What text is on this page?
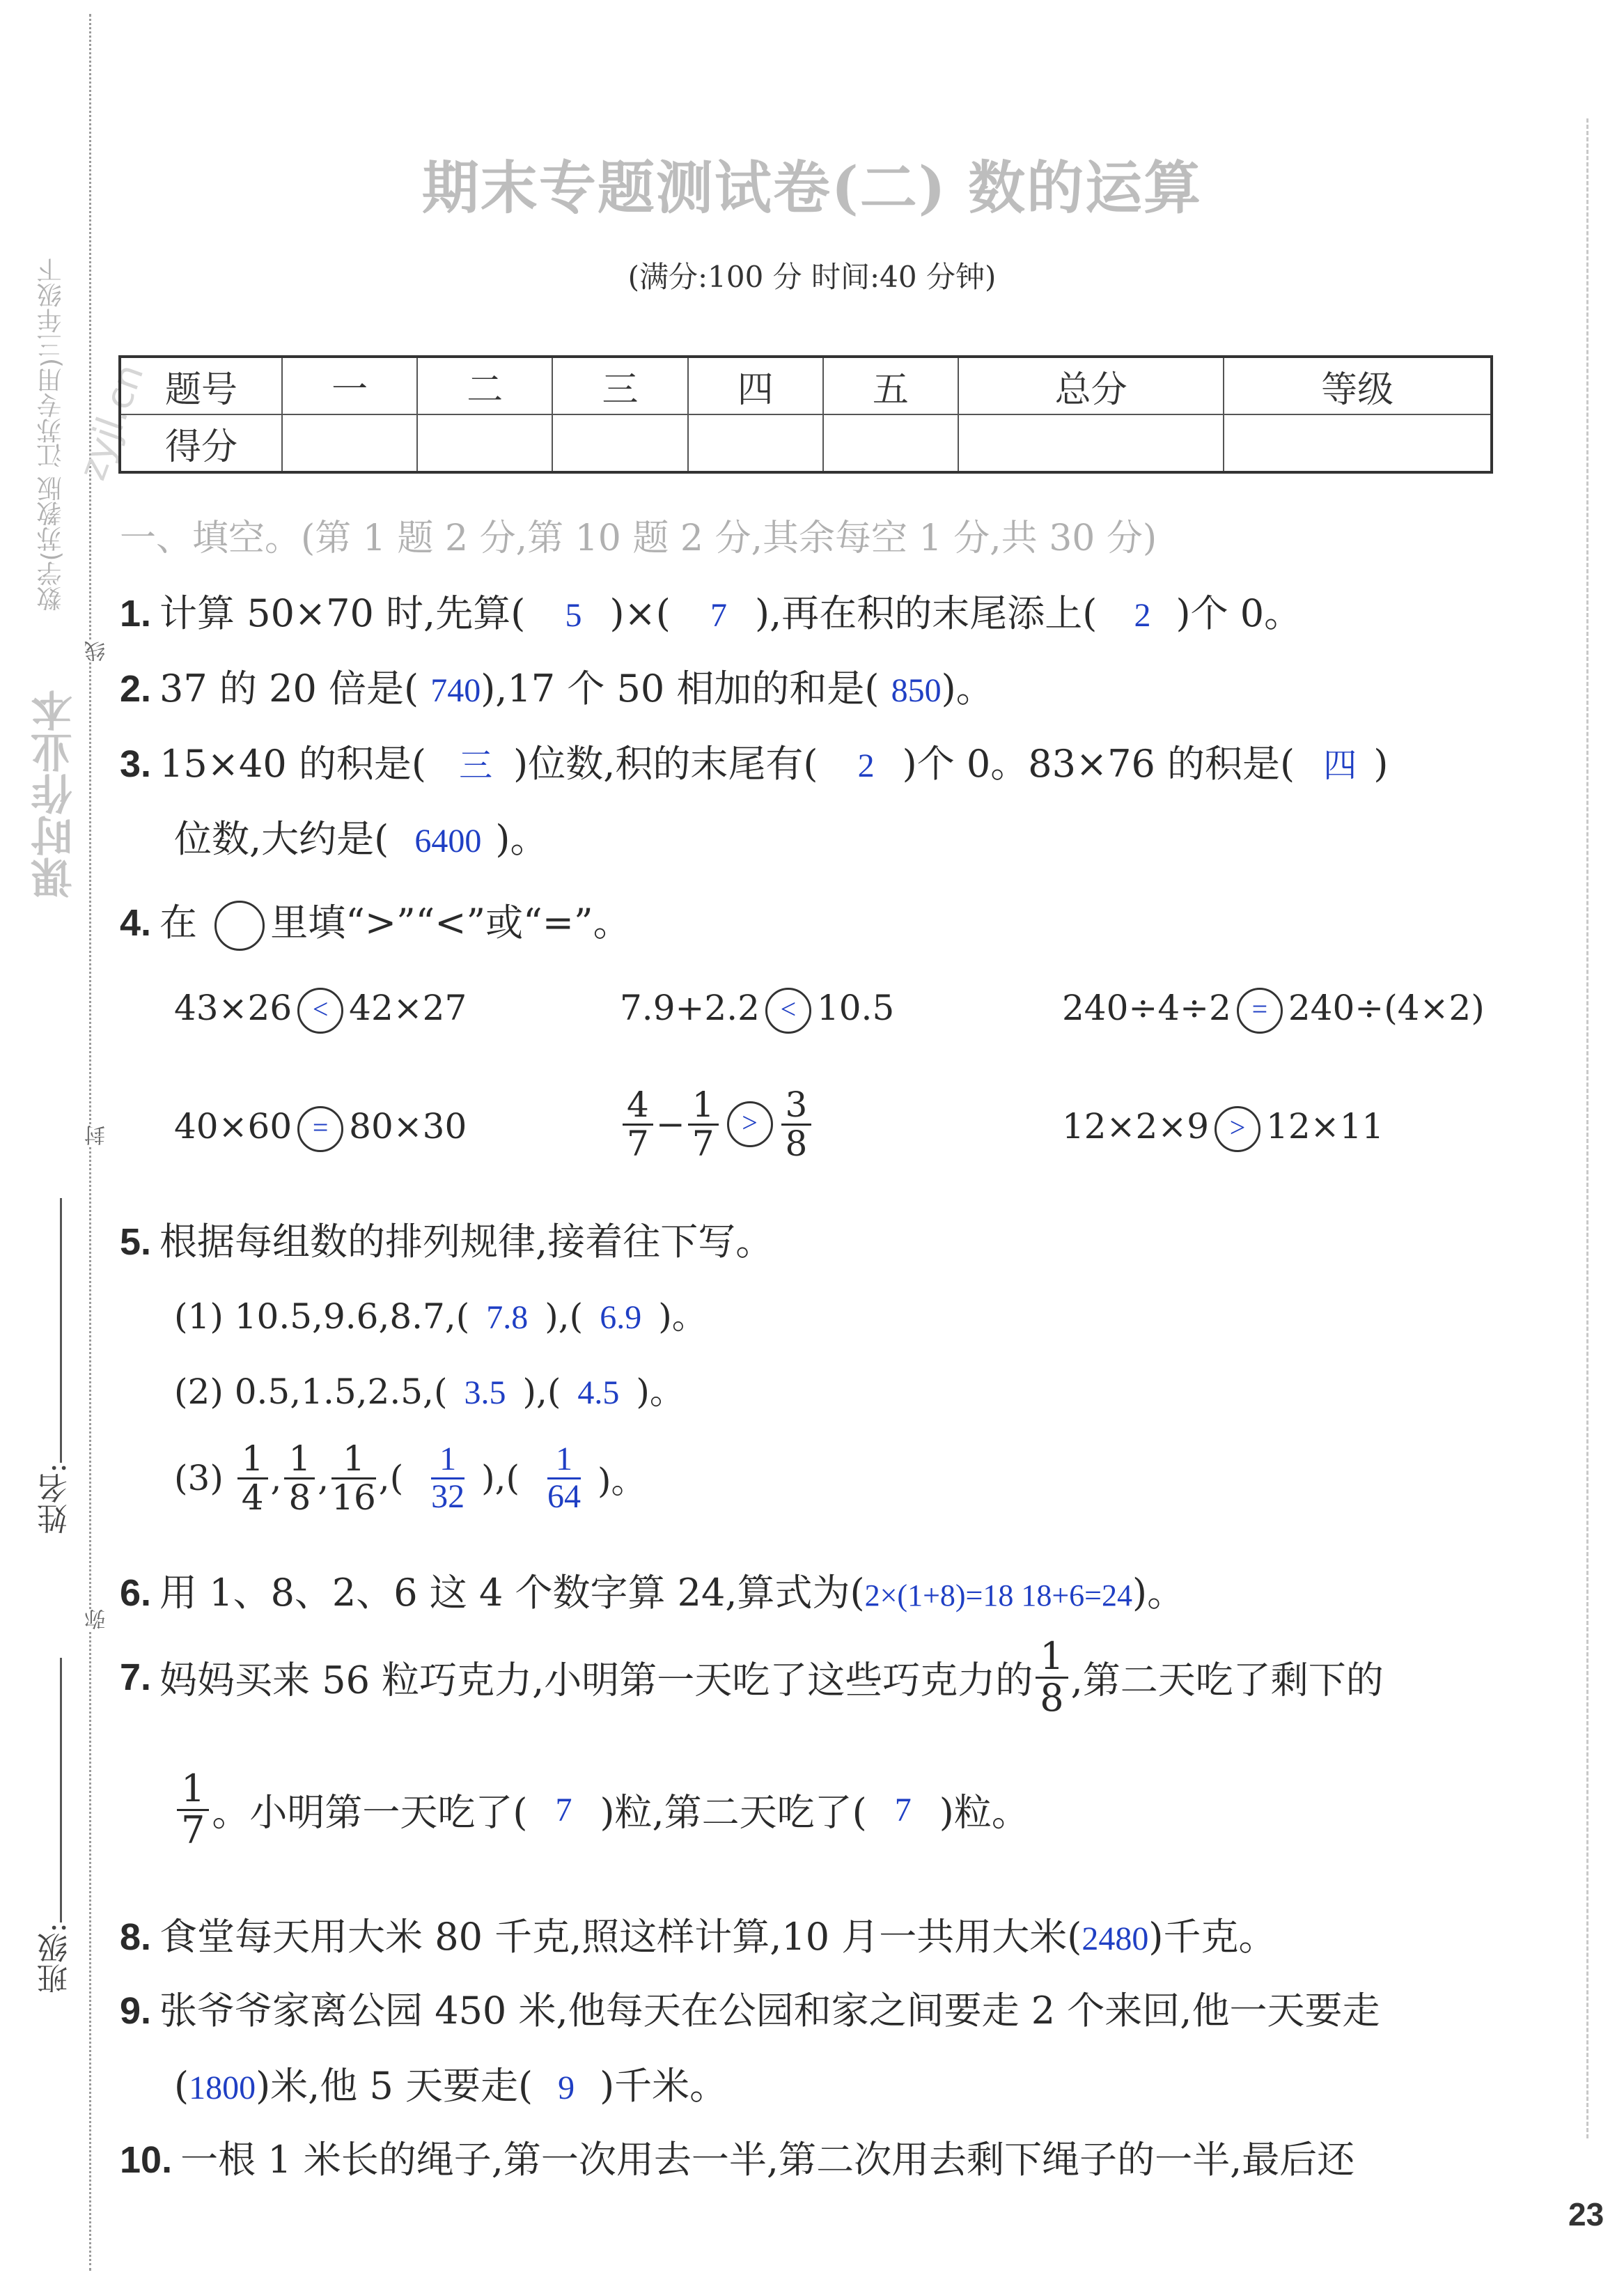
数学(苏教版 江苏专用)三年级下
课时作业本
zyjl.cn
线
封
弥
姓名:
班级:
期末专题测试卷(二) 数的运算
(满分:100 分 时间:40 分钟)
题号	一	二	三	四	五	总分	等级
得分							
一、填空。(第 1 题 2 分,第 10 题 2 分,其余每空 1 分,共 30 分)
1. 计算 50×70 时,先算( 5 )×( 7 ),再在积的末尾添上( 2 )个 0。
2. 37 的 20 倍是( 740),17 个 50 相加的和是( 850)。
3. 15×40 的积是( 三 )位数,积的末尾有( 2 )个 0。83×76 的积是( 四 )
位数,大约是( 6400 )。
4. 在 里填“>”“<”或“=”。
43×26 < 42×27	7.9+2.2 < 10.5	240÷4÷2 = 240÷(4×2)
40×60 = 80×30	$\frac{4}{7} - \frac{1}{7} > \frac{3}{8}$	12×2×9 > 12×11
5. 根据每组数的排列规律,接着往下写。
(1) 10.5,9.6,8.7,( 7.8 ),( 6.9 )。
(2) 0.5,1.5,2.5,( 3.5 ),( 4.5 )。
$(3) \frac{1}{4}$ , $\frac{1}{8}$ , $\frac{1}{16}$ ,( $\frac{1}{32}$ ),( $\frac{1}{64}$ )。
6. 用 1、8、2、6 这 4 个数字算 24,算式为(2×(1+8)=18 18+6=24)。
7. 妈妈买来 56 粒巧克力,小明第一天吃了这些巧克力的 $\frac{1}{8}$ ,第二天吃了剩下的
$\frac{1}{7}$ 。小明第一天吃了( 7 )粒,第二天吃了( 7 )粒。
8. 食堂每天用大米 80 千克,照这样计算,10 月一共用大米(2480)千克。
9. 张爷爷家离公园 450 米,他每天在公园和家之间要走 2 个来回,他一天要走
(1800)米,他 5 天要走( 9 )千米。
10. 一根 1 米长的绳子,第一次用去一半,第二次用去剩下绳子的一半,最后还
23
